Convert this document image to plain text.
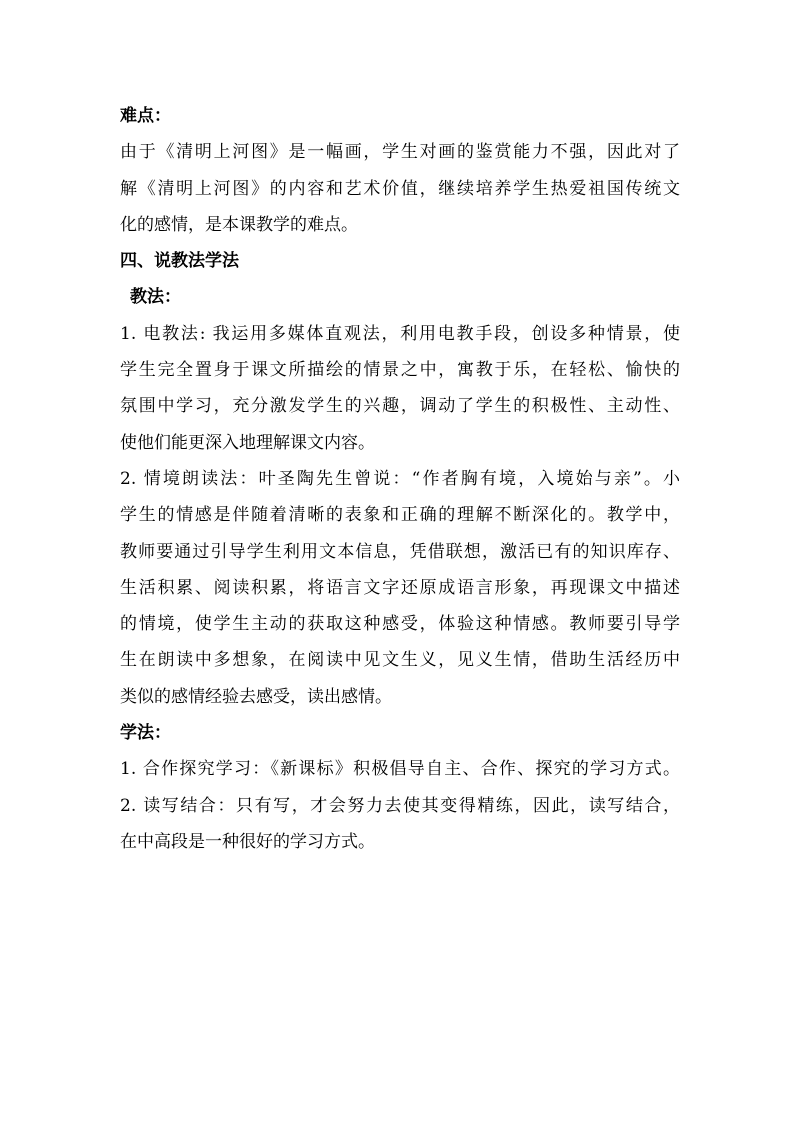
难点：
由于《清明上河图》是一幅画，学生对画的鉴赏能力不强，因此对了
解《清明上河图》的内容和艺术价值，继续培养学生热爱祖国传统文
化的感情，是本课教学的难点。
四、说教法学法
教法：
1. 电教法: 我运用多媒体直观法，利用电教手段，创设多种情景，使
学生完全置身于课文所描绘的情景之中，寓教于乐，在轻松、愉快的
氛围中学习，充分激发学生的兴趣，调动了学生的积极性、主动性、
使他们能更深入地理解课文内容。
2. 情境朗读法：叶圣陶先生曾说：“作者胸有境，入境始与亲”。小
学生的情感是伴随着清晰的表象和正确的理解不断深化的。教学中，
教师要通过引导学生利用文本信息，凭借联想，激活已有的知识库存、
生活积累、阅读积累，将语言文字还原成语言形象，再现课文中描述
的情境，使学生主动的获取这种感受，体验这种情感。教师要引导学
生在朗读中多想象，在阅读中见文生义，见义生情，借助生活经历中
类似的感情经验去感受，读出感情。
学法：
1. 合作探究学习：《新课标》积极倡导自主、合作、探究的学习方式。
2. 读写结合：只有写，才会努力去使其变得精练，因此，读写结合，
在中高段是一种很好的学习方式。
